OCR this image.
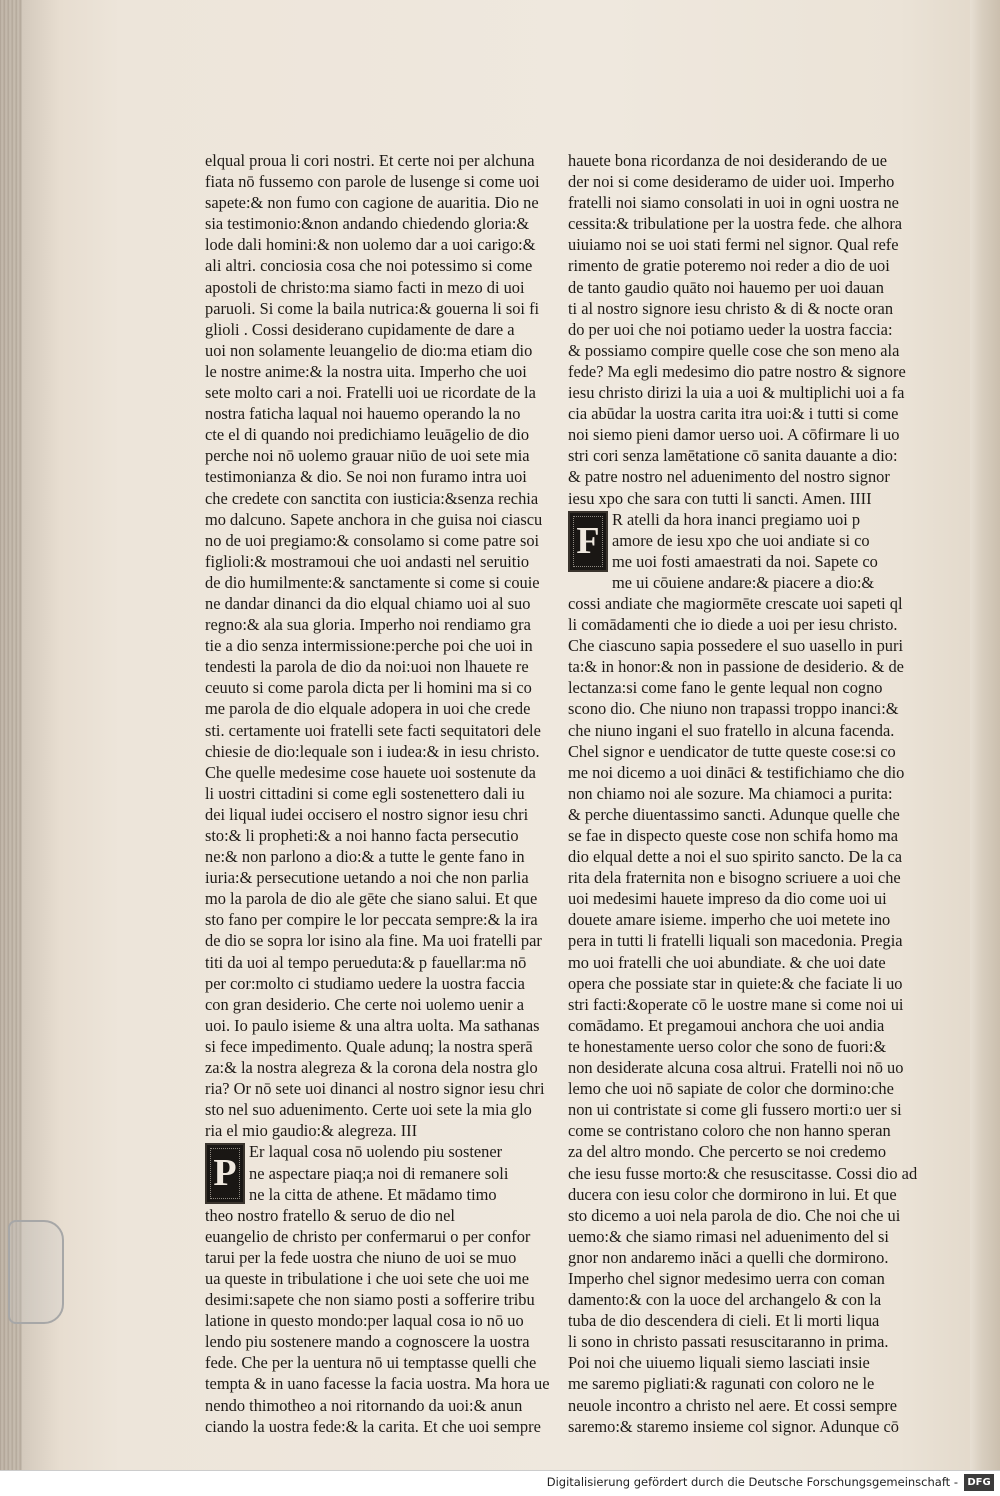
elqual proua li cori nostri. Et certe noi per alchuna
fiata nō fussemo con parole de lusenge si come uoi
sapete:& non fumo con cagione de auaritia. Dio ne
sia testimonio:&non andando chiedendo gloria:&
lode dali homini:& non uolemo dar a uoi carigo:&
ali altri. conciosia cosa che noi potessimo si come
apostoli de christo:ma siamo facti in mezo di uoi
paruoli. Si come la baila nutrica:& gouerna li soi fi
glioli . Cossi desiderano cupidamente de dare a
uoi non solamente leuangelio de dio:ma etiam dio
le nostre anime:& la nostra uita. Imperho che uoi
sete molto cari a noi. Fratelli uoi ue ricordate de la
nostra faticha laqual noi hauemo operando la no
cte el di quando noi predichiamo leuāgelio de dio
perche noi nō uolemo grauar niūo de uoi sete mia
testimonianza & dio. Se noi non furamo intra uoi
che credete con sanctita con iusticia:&senza rechia
mo dalcuno. Sapete anchora in che guisa noi ciascu
no de uoi pregiamo:& consolamo si come patre soi
figlioli:& mostramoui che uoi andasti nel seruitio
de dio humilmente:& sanctamente si come si couie
ne dandar dinanci da dio elqual chiamo uoi al suo
regno:& ala sua gloria. Imperho noi rendiamo gra
tie a dio senza intermissione:perche poi che uoi in
tendesti la parola de dio da noi:uoi non lhauete re
ceuuto si come parola dicta per li homini ma si co
me parola de dio elquale adopera in uoi che crede
sti. certamente uoi fratelli sete facti sequitatori dele
chiesie de dio:lequale son i iudea:& in iesu christo.
Che quelle medesime cose hauete uoi sostenute da
li uostri cittadini si come egli sostenettero dali iu
dei liqual iudei occisero el nostro signor iesu chri
sto:& li propheti:& a noi hanno facta persecutio
ne:& non parlono a dio:& a tutte le gente fano in
iuria:& persecutione uetando a noi che non parlia
mo la parola de dio ale gēte che siano salui. Et que
sto fano per compire le lor peccata sempre:& la ira
de dio se sopra lor isino ala fine. Ma uoi fratelli par
titi da uoi al tempo perueduta:& p fauellar:ma nō
per cor:molto ci studiamo uedere la uostra faccia
con gran desiderio. Che certe noi uolemo uenir a
uoi. Io paulo isieme & una altra uolta. Ma sathanas
si fece impedimento. Quale adunq; la nostra sperā
za:& la nostra alegreza & la corona dela nostra glo
ria? Or nō sete uoi dinanci al nostro signor iesu chri
sto nel suo aduenimento. Certe uoi sete la mia glo
ria el mio gaudio:& alegreza. III
P
Er laqual cosa nō uolendo piu sostener
ne aspectare piaq;a noi di remanere soli
ne la citta de athene. Et mādamo timo
theo nostro fratello & seruo de dio nel
euangelio de christo per confermarui o per confor
tarui per la fede uostra che niuno de uoi se muo
ua queste in tribulatione i che uoi sete che uoi me
desimi:sapete che non siamo posti a sofferire tribu
latione in questo mondo:per laqual cosa io nō uo
lendo piu sostenere mando a cognoscere la uostra
fede. Che per la uentura nō ui temptasse quelli che
tempta & in uano facesse la facia uostra. Ma hora ue
nendo thimotheo a noi ritornando da uoi:& anun
ciando la uostra fede:& la carita. Et che uoi sempre
hauete bona ricordanza de noi desiderando de ue
der noi si come desideramo de uider uoi. Imperho
fratelli noi siamo consolati in uoi in ogni uostra ne
cessita:& tribulatione per la uostra fede. che alhora
uiuiamo noi se uoi stati fermi nel signor. Qual refe
rimento de gratie poteremo noi reder a dio de uoi
de tanto gaudio quāto noi hauemo per uoi dauan
ti al nostro signore iesu christo & di & nocte oran
do per uoi che noi potiamo ueder la uostra faccia:
& possiamo compire quelle cose che son meno ala
fede? Ma egli medesimo dio patre nostro & signore
iesu christo dirizi la uia a uoi & multiplichi uoi a fa
cia abūdar la uostra carita itra uoi:& i tutti si come
noi siemo pieni damor uerso uoi. A cōfirmare li uo
stri cori senza lamētatione cō sanita dauante a dio:
& patre nostro nel aduenimento del nostro signor
iesu xpo che sara con tutti li sancti. Amen. IIII
F
R atelli da hora inanci pregiamo uoi p
amore de iesu xpo che uoi andiate si co
me uoi fosti amaestrati da noi. Sapete co
me ui cōuiene andare:& piacere a dio:&
cossi andiate che magiormēte crescate uoi sapeti ql
li comādamenti che io diede a uoi per iesu christo.
Che ciascuno sapia possedere el suo uasello in puri
ta:& in honor:& non in passione de desiderio. & de
lectanza:si come fano le gente lequal non cogno
scono dio. Che niuno non trapassi troppo inanci:&
che niuno ingani el suo fratello in alcuna facenda.
Chel signor e uendicator de tutte queste cose:si co
me noi dicemo a uoi dināci & testifichiamo che dio
non chiamo noi ale sozure. Ma chiamoci a purita:
& perche diuentassimo sancti. Adunque quelle che
se fae in dispecto queste cose non schifa homo ma
dio elqual dette a noi el suo spirito sancto. De la ca
rita dela fraternita non e bisogno scriuere a uoi che
uoi medesimi hauete impreso da dio come uoi ui
douete amare isieme. imperho che uoi metete ino
pera in tutti li fratelli liquali son macedonia. Pregia
mo uoi fratelli che uoi abundiate. & che uoi date
opera che possiate star in quiete:& che faciate li uo
stri facti:&operate cō le uostre mane si come noi ui
comādamo. Et pregamoui anchora che uoi andia
te honestamente uerso color che sono de fuori:&
non desiderate alcuna cosa altrui. Fratelli noi nō uo
lemo che uoi nō sapiate de color che dormino:che
non ui contristate si come gli fussero morti:o uer si
come se contristano coloro che non hanno speran
za del altro mondo. Che percerto se noi credemo
che iesu fusse morto:& che resuscitasse. Cossi dio ad
ducera con iesu color che dormirono in lui. Et que
sto dicemo a uoi nela parola de dio. Che noi che ui
uemo:& che siamo rimasi nel aduenimento del si
gnor non andaremo inăci a quelli che dormirono.
Imperho chel signor medesimo uerra con coman
damento:& con la uoce del archangelo & con la
tuba de dio descendera di cieli. Et li morti liqua
li sono in christo passati resuscitaranno in prima.
Poi noi che uiuemo liquali siemo lasciati insie
me saremo pigliati:& ragunati con coloro ne le
neuole incontro a christo nel aere. Et cossi sempre
saremo:& staremo insieme col signor. Adunque cō
Digitalisierung gefördert durch die Deutsche Forschungsgemeinschaft - DFG
